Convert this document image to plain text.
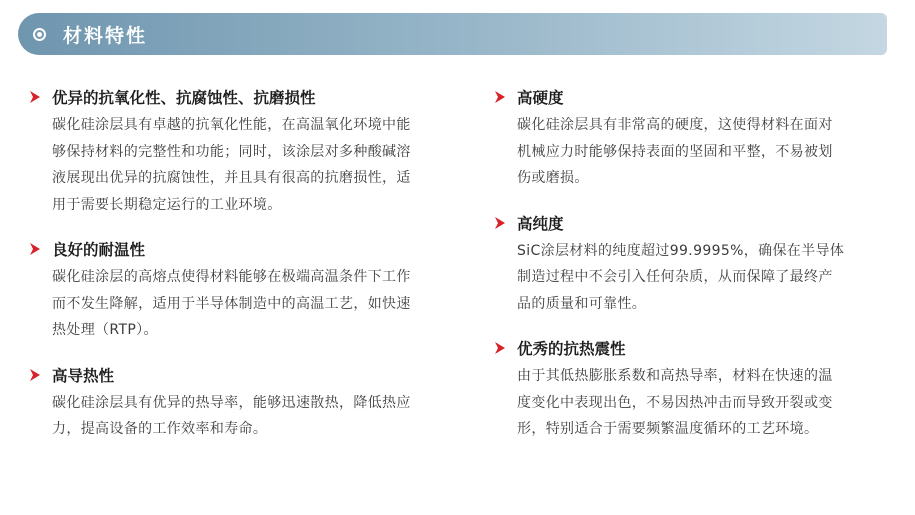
材料特性
优异的抗氧化性、抗腐蚀性、抗磨损性
碳化硅涂层具有卓越的抗氧化性能，在高温氧化环境中能
够保持材料的完整性和功能；同时，该涂层对多种酸碱溶
液展现出优异的抗腐蚀性，并且具有很高的抗磨损性，适
用于需要长期稳定运行的工业环境。
良好的耐温性
碳化硅涂层的高熔点使得材料能够在极端高温条件下工作
而不发生降解，适用于半导体制造中的高温工艺，如快速
热处理（RTP）。
高导热性
碳化硅涂层具有优异的热导率，能够迅速散热，降低热应
力，提高设备的工作效率和寿命。
高硬度
碳化硅涂层具有非常高的硬度，这使得材料在面对
机械应力时能够保持表面的坚固和平整，不易被划
伤或磨损。
高纯度
SiC涂层材料的纯度超过99.9995%，确保在半导体
制造过程中不会引入任何杂质，从而保障了最终产
品的质量和可靠性。
优秀的抗热震性
由于其低热膨胀系数和高热导率，材料在快速的温
度变化中表现出色，不易因热冲击而导致开裂或变
形，特别适合于需要频繁温度循环的工艺环境。
